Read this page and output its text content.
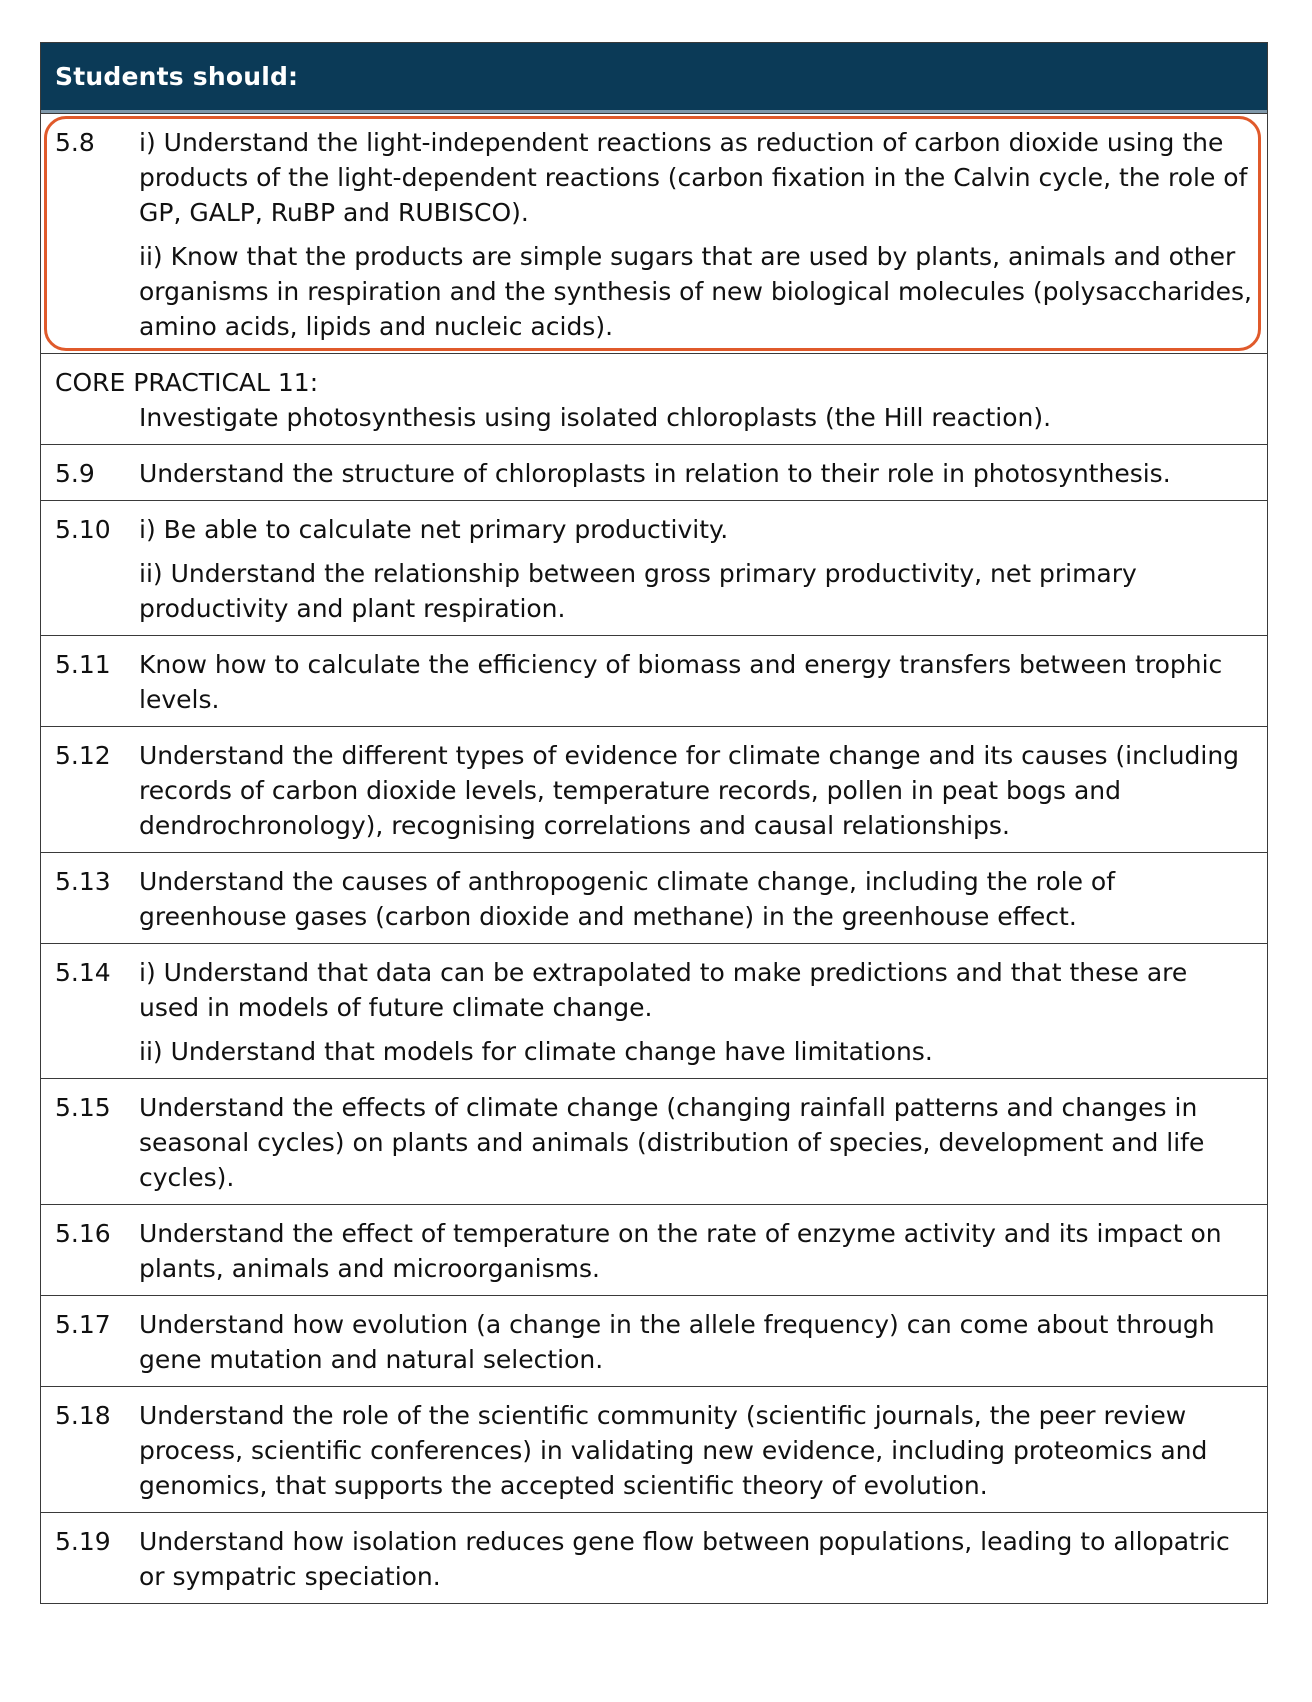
Students should:
5.8	i) Understand the light-independent reactions as reduction of carbon dioxide using the products of the light-dependent reactions (carbon fixation in the Calvin cycle, the role of GP, GALP, RuBP and RUBISCO).
ii) Know that the products are simple sugars that are used by plants, animals and other organisms in respiration and the synthesis of new biological molecules (polysaccharides, amino acids, lipids and nucleic acids).
CORE PRACTICAL 11:
Investigate photosynthesis using isolated chloroplasts (the Hill reaction).
5.9	Understand the structure of chloroplasts in relation to their role in photosynthesis.
5.10	i) Be able to calculate net primary productivity.
ii) Understand the relationship between gross primary productivity, net primary productivity and plant respiration.
5.11	Know how to calculate the efficiency of biomass and energy transfers between trophic levels.
5.12	Understand the different types of evidence for climate change and its causes (including records of carbon dioxide levels, temperature records, pollen in peat bogs and dendrochronology), recognising correlations and causal relationships.
5.13	Understand the causes of anthropogenic climate change, including the role of greenhouse gases (carbon dioxide and methane) in the greenhouse effect.
5.14	i) Understand that data can be extrapolated to make predictions and that these are used in models of future climate change.
ii) Understand that models for climate change have limitations.
5.15	Understand the effects of climate change (changing rainfall patterns and changes in seasonal cycles) on plants and animals (distribution of species, development and life cycles).
5.16	Understand the effect of temperature on the rate of enzyme activity and its impact on plants, animals and microorganisms.
5.17	Understand how evolution (a change in the allele frequency) can come about through gene mutation and natural selection.
5.18	Understand the role of the scientific community (scientific journals, the peer review process, scientific conferences) in validating new evidence, including proteomics and genomics, that supports the accepted scientific theory of evolution.
5.19	Understand how isolation reduces gene flow between populations, leading to allopatric or sympatric speciation.
